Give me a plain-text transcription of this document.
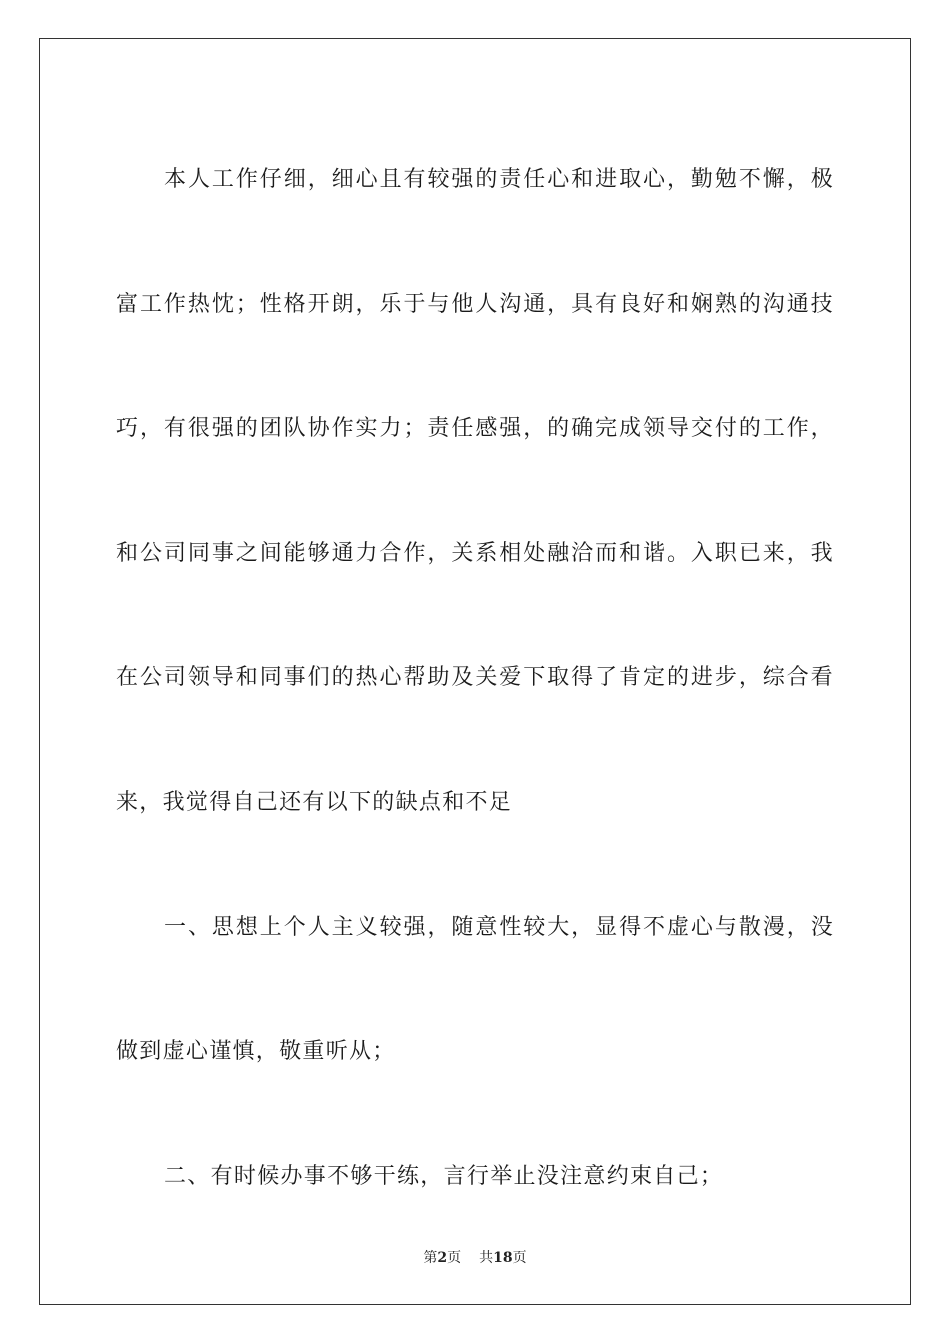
本人工作仔细，细心且有较强的责任心和进取心，勤勉不懈，极富工作热忱；性格开朗，乐于与他人沟通，具有良好和娴熟的沟通技巧，有很强的团队协作实力；责任感强，的确完成领导交付的工作，和公司同事之间能够通力合作，关系相处融洽而和谐。入职已来，我在公司领导和同事们的热心帮助及关爱下取得了肯定的进步，综合看来，我觉得自己还有以下的缺点和不足

一、思想上个人主义较强，随意性较大，显得不虚心与散漫，没做到虚心谨慎，敬重听从；

二、有时候办事不够干练，言行举止没注意约束自己；

第2页 共18页
